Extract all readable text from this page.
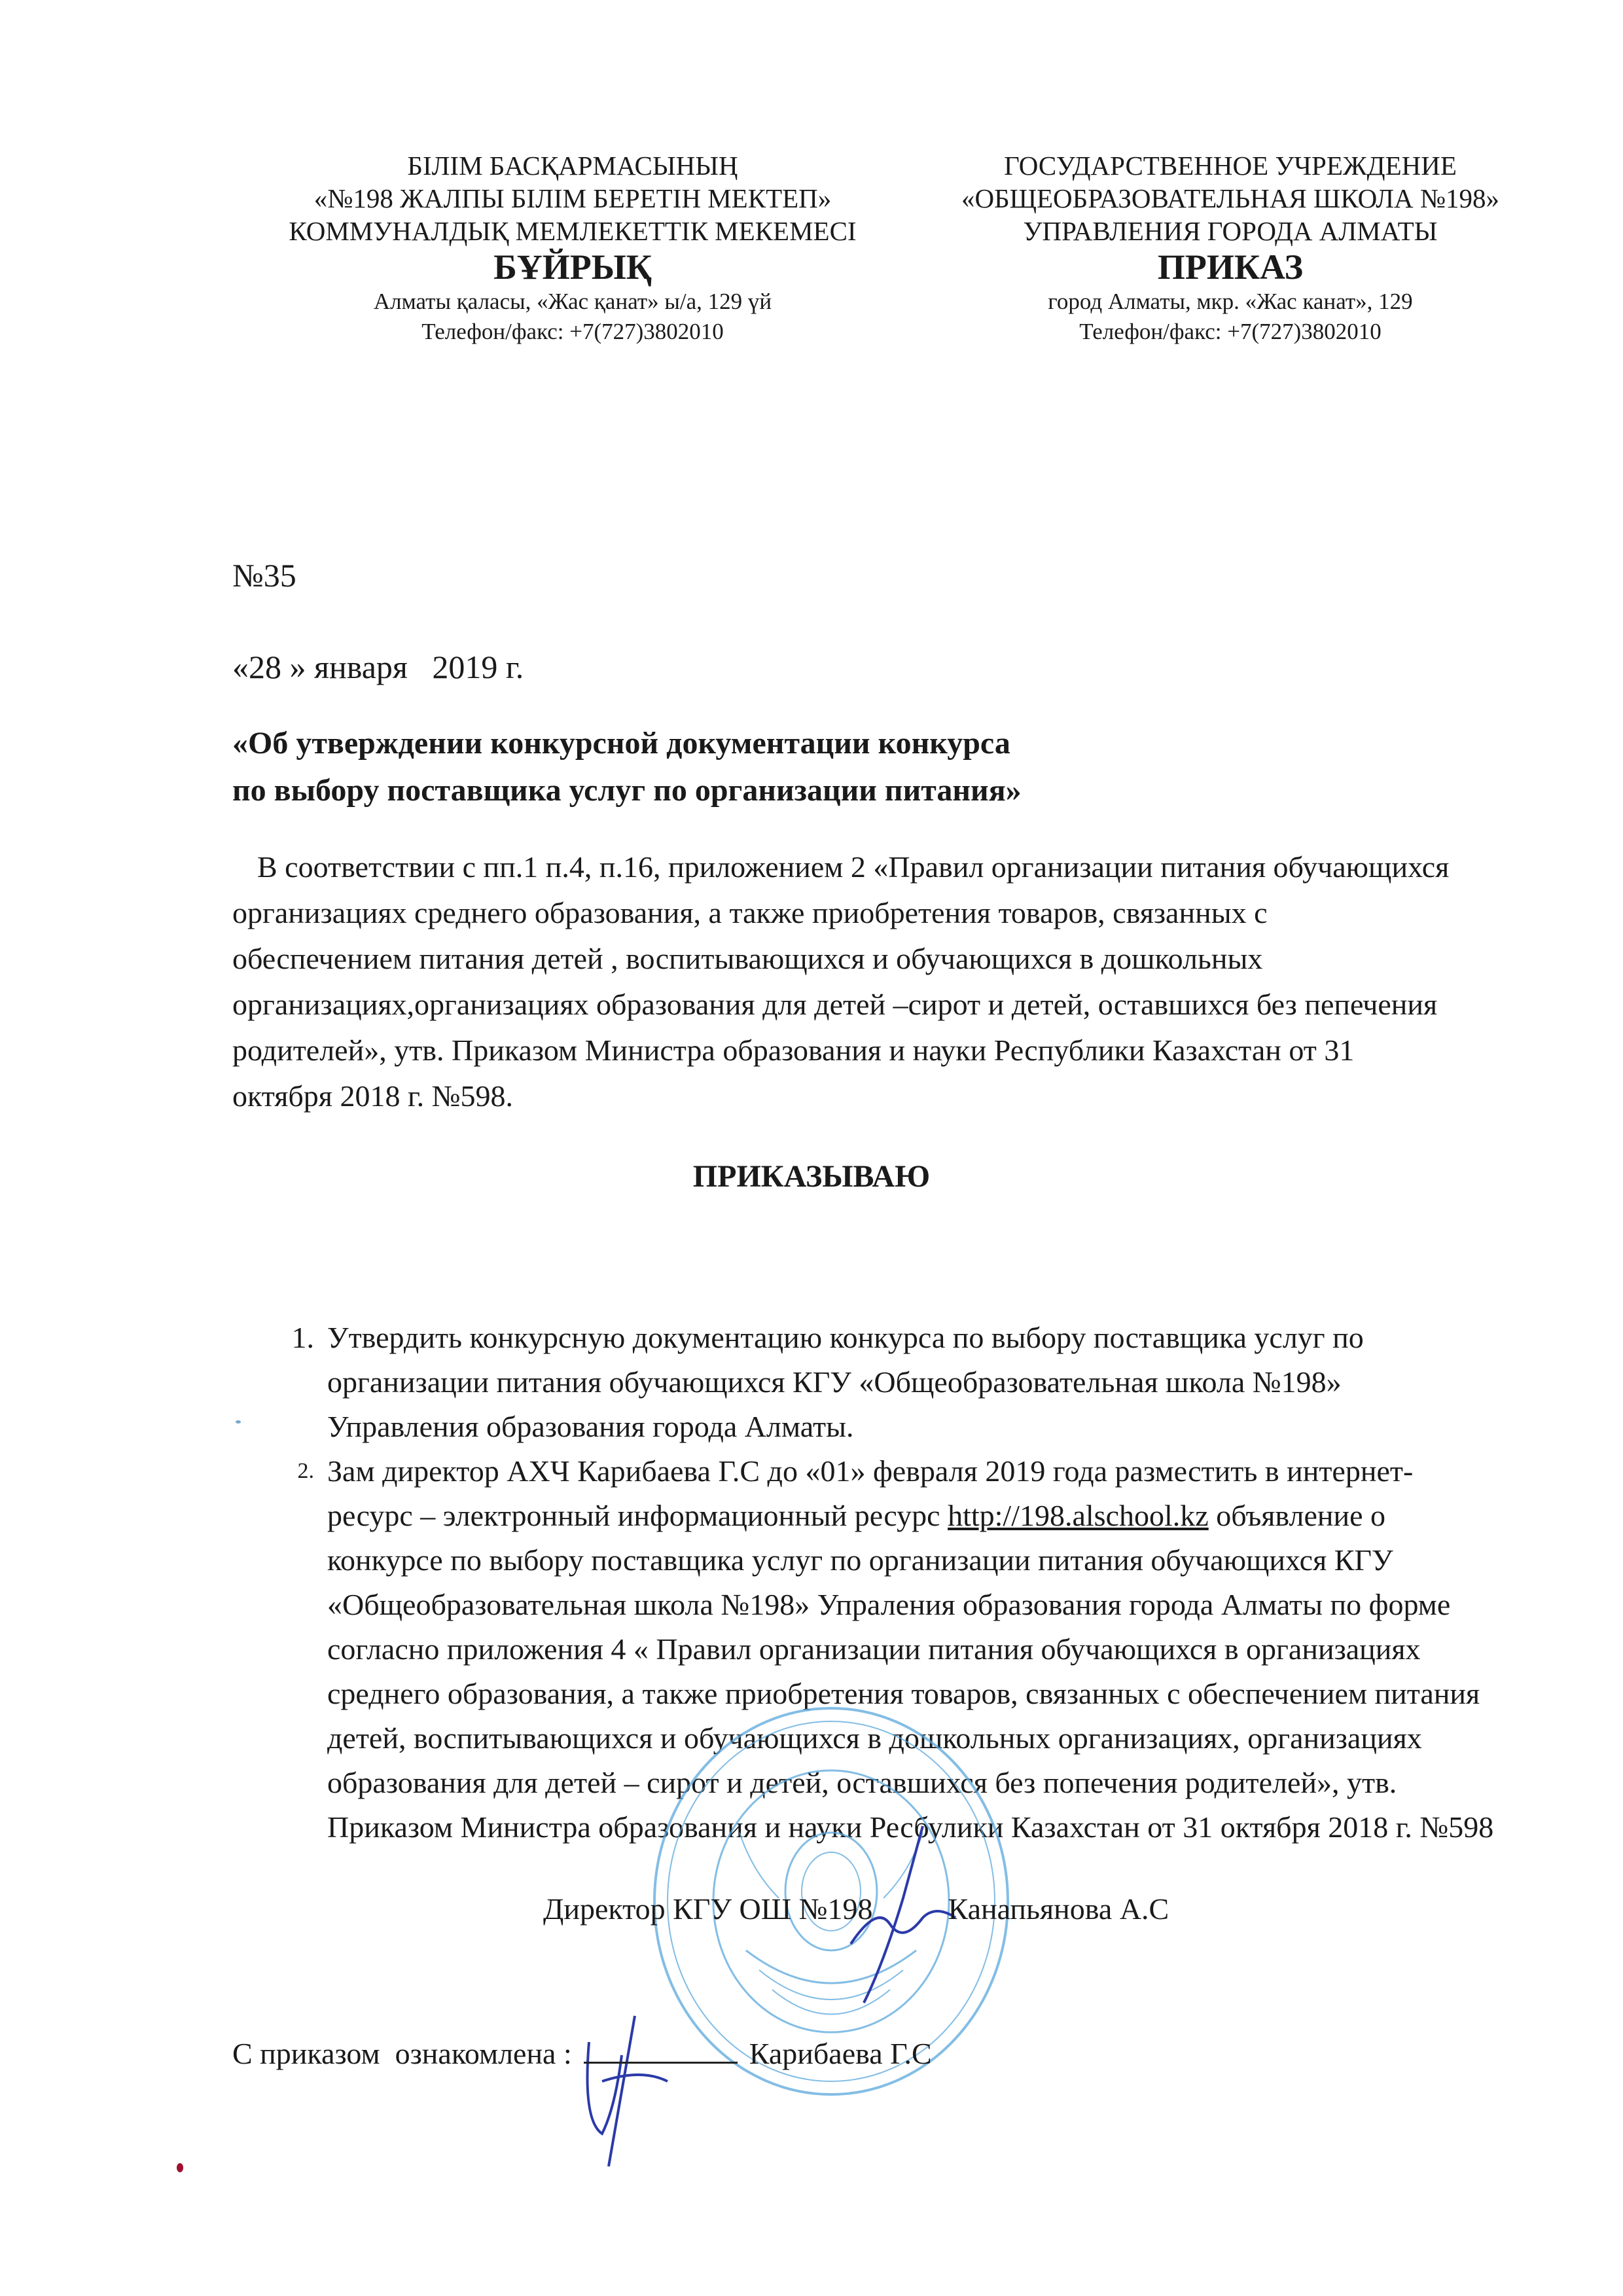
БІЛІМ БАСҚАРМАСЫНЫҢ
«№198 ЖАЛПЫ БІЛІМ БЕРЕТІН МЕКТЕП»
КОММУНАЛДЫҚ МЕМЛЕКЕТТІК МЕКЕМЕСІ
БҰЙРЫҚ
Алматы қаласы, «Жас қанат» ы/а, 129 үй
Телефон/факс: +7(727)3802010
ГОСУДАРСТВЕННОЕ УЧРЕЖДЕНИЕ
«ОБЩЕОБРАЗОВАТЕЛЬНАЯ ШКОЛА №198»
УПРАВЛЕНИЯ ГОРОДА АЛМАТЫ
ПРИКАЗ
город Алматы, мкр. «Жас канат», 129
Телефон/факс: +7(727)3802010
№35
«28 » января   2019 г.
«Об утверждении конкурсной документации конкурса
по выбору поставщика услуг по организации питания»
В соответствии с пп.1 п.4, п.16, приложением 2 «Правил организации питания обучающихся организациях среднего образования, а также приобретения товаров, связанных с обеспечением питания детей , воспитывающихся и обучающихся в дошкольных организациях,организациях образования для детей –сирот и детей, оставшихся без пепечения родителей», утв. Приказом Министра образования и науки Республики Казахстан от 31 октября 2018 г. №598.
ПРИКАЗЫВАЮ
1. Утвердить конкурсную документацию конкурса по выбору поставщика услуг по организации питания обучающихся КГУ «Общеобразовательная школа №198» Управления образования города Алматы.
2. Зам директор АХЧ Карибаева Г.С до «01» февраля 2019 года разместить в интернет- ресурс – электронный информационный ресурс http://198.alschool.kz объявление о конкурсе по выбору поставщика услуг по организации питания обучающихся КГУ «Общеобразовательная школа №198» Упраления образования города Алматы по форме согласно приложения 4 « Правил организации питания обучающихся в организациях среднего образования, а также приобретения товаров, связанных с обеспечением питания детей, воспитывающихся и обучающихся в дошкольных организациях, организациях образования для детей – сирот и детей, оставшихся без попечения родителей», утв. Приказом Министра образования и науки Ресбулики Казахстан от 31 октября 2018 г. №598
Директор КГУ ОШ №198          Канапьянова А.С
С приказом  ознакомлена :	Карибаева Г.С
